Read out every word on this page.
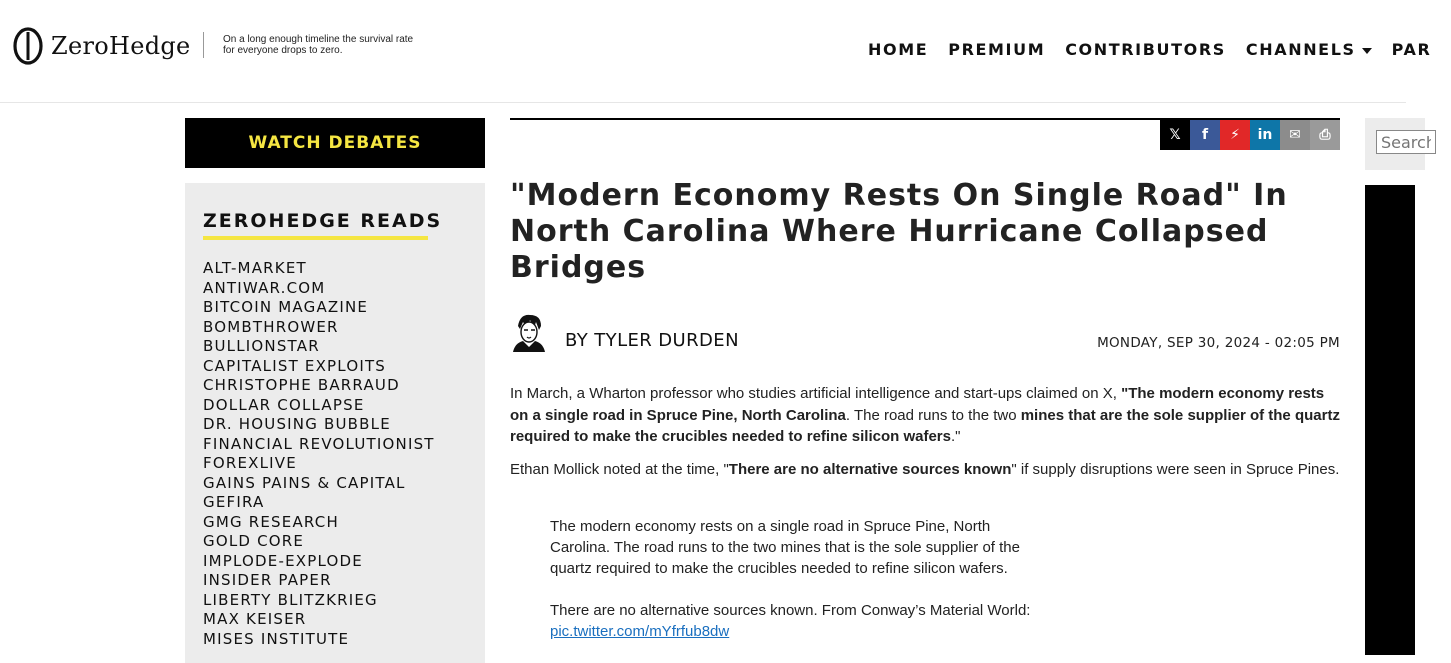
ZeroHedge	On a long enough timeline the survival rate for everyone drops to zero.	HOME PREMIUM CONTRIBUTORS CHANNELS	PAR
WATCH DEBATES
ZEROHEDGE READS
ALT-MARKET
ANTIWAR.COM
BITCOIN MAGAZINE
BOMBTHROWER
BULLIONSTAR
CAPITALIST EXPLOITS
CHRISTOPHE BARRAUD
DOLLAR COLLAPSE
DR. HOUSING BUBBLE
FINANCIAL REVOLUTIONIST
FOREXLIVE
GAINS PAINS & CAPITAL
GEFIRA
GMG RESEARCH
GOLD CORE
IMPLODE-EXPLODE
INSIDER PAPER
LIBERTY BLITZKRIEG
MAX KEISER
MISES INSTITUTE
𝕏 f ⚡ in ✉ ⎙
"Modern Economy Rests On Single Road" In North Carolina Where Hurricane Collapsed Bridges
BY TYLER DURDEN	MONDAY, SEP 30, 2024 - 02:05 PM

In March, a Wharton professor who studies artificial intelligence and start-ups claimed on X, "The modern economy rests on a single road in Spruce Pine, North Carolina. The road runs to the two mines that are the sole supplier of the quartz required to make the crucibles needed to refine silicon wafers."

Ethan Mollick noted at the time, "There are no alternative sources known" if supply disruptions were seen in Spruce Pines.

The modern economy rests on a single road in Spruce Pine, North Carolina. The road runs to the two mines that is the sole supplier of the quartz required to make the crucibles needed to refine silicon wafers.

There are no alternative sources known. From Conway’s Material World:
pic.twitter.com/mYfrfub8dw
Search
